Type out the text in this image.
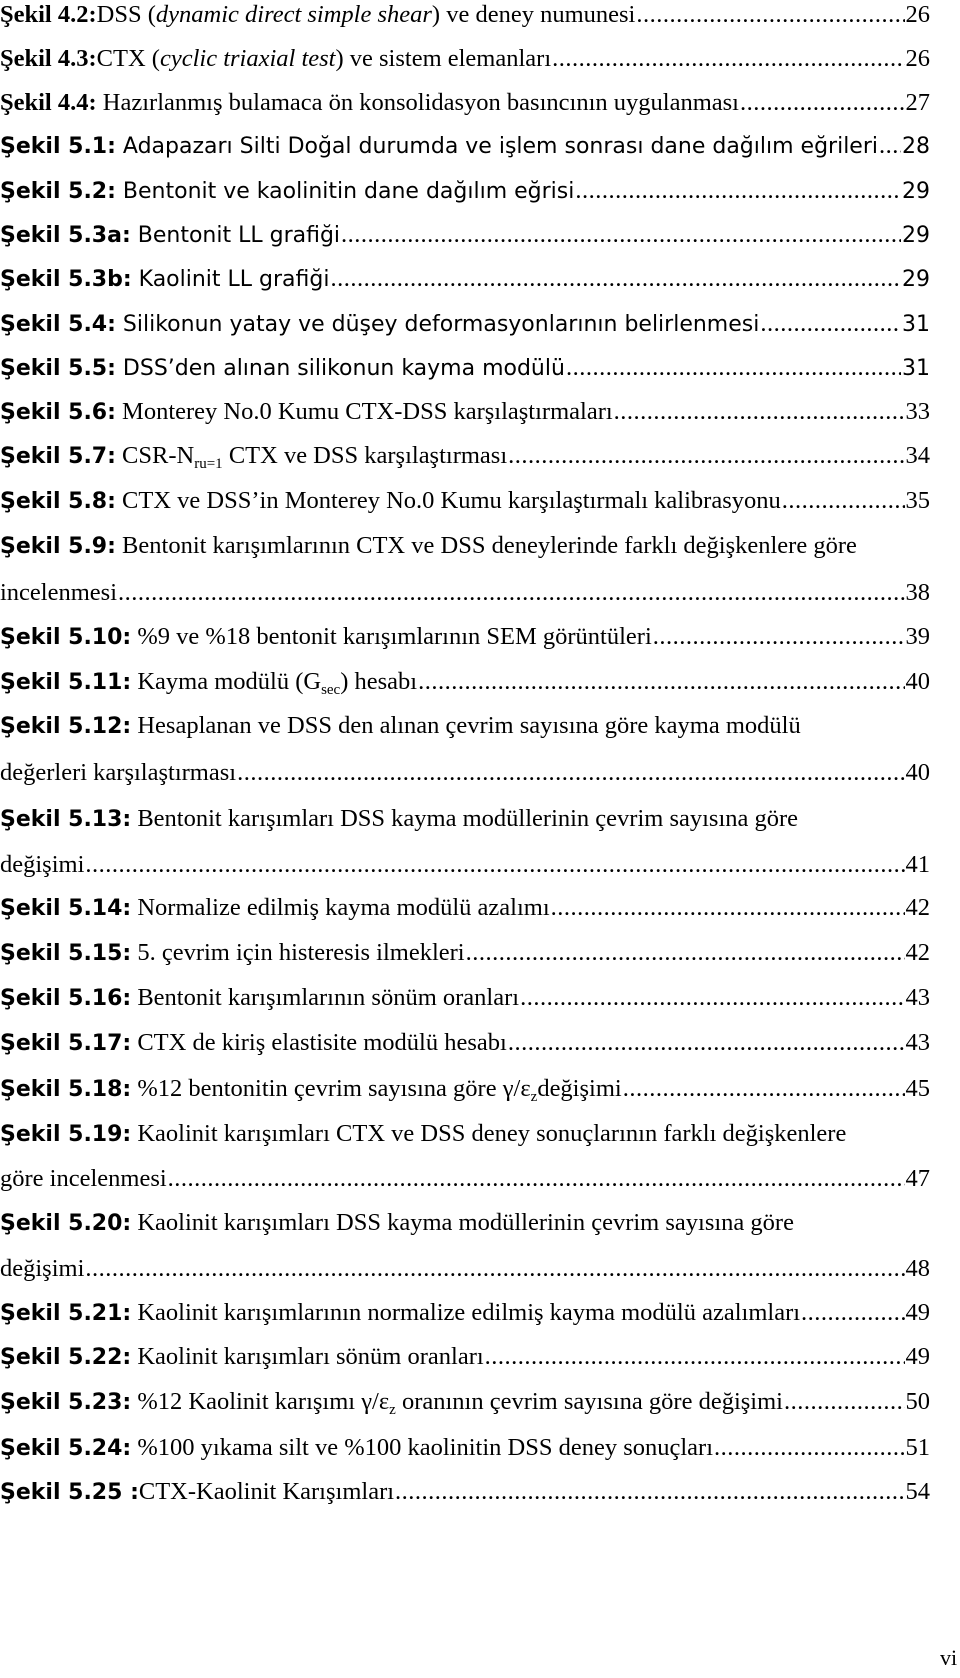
Şekil 4.2: DSS (dynamic direct simple shear) ve deney numunesi .....	26
Şekil 4.3: CTX (cyclic triaxial test) ve sistem elemanları .....	26
Şekil 4.4: Hazırlanmış bulamaca ön konsolidasyon basıncının uygulanması .....	27
Şekil 5.1: Adapazarı Silti Doğal durumda ve işlem sonrası dane dağılım eğrileri ..... 28
Şekil 5.2: Bentonit ve kaolinitin dane dağılım eğrisi .....	29
Şekil 5.3a: Bentonit LL grafiği .....	29
Şekil 5.3b: Kaolinit LL grafiği .....	29
Şekil 5.4: Silikonun yatay ve düşey deformasyonlarının belirlenmesi .....	31
Şekil 5.5: DSS’den alınan silikonun kayma modülü .....	31
Şekil 5.6: Monterey No.0 Kumu CTX-DSS karşılaştırmaları .....	33
Şekil 5.7: CSR-$N_{ru=1}$ CTX ve DSS karşılaştırması .....	34
Şekil 5.8: CTX ve DSS’in Monterey No.0 Kumu karşılaştırmalı kalibrasyonu .....	35
Şekil 5.9: Bentonit karışımlarının CTX ve DSS deneylerinde farklı değişkenlere göre
incelenmesi .....	38
Şekil 5.10: %9 ve %18 bentonit karışımlarının SEM görüntüleri .....	39
Şekil 5.11: Kayma modülü $(G_{sec})$ hesabı .....	40
Şekil 5.12: Hesaplanan ve DSS den alınan çevrim sayısına göre kayma modülü
değerleri karşılaştırması .....	40
Şekil 5.13: Bentonit karışımları DSS kayma modüllerinin çevrim sayısına göre
değişimi .....	41
Şekil 5.14: Normalize edilmiş kayma modülü azalımı .....	42
Şekil 5.15: 5. çevrim için histeresis ilmekleri .....	42
Şekil 5.16: Bentonit karışımlarının sönüm oranları .....	43
Şekil 5.17: CTX de kiriş elastisite modülü hesabı .....	43
Şekil 5.18: %12 bentonitin çevrim sayısına göre $\gamma/\varepsilon_zdeğişimi$ .....	45
Şekil 5.19: Kaolinit karışımları CTX ve DSS deney sonuçlarının farklı değişkenlere
göre incelenmesi .....	47
Şekil 5.20: Kaolinit karışımları DSS kayma modüllerinin çevrim sayısına göre
değişimi .....	48
Şekil 5.21: Kaolinit karışımlarının normalize edilmiş kayma modülü azalımları .....	49
Şekil 5.22: Kaolinit karışımları sönüm oranları .....	49
Şekil 5.23: %12 Kaolinit karışımı $\gamma/\varepsilon_z$ oranının çevrim sayısına göre değişimi .....	50
Şekil 5.24: %100 yıkama silt ve %100 kaolinitin DSS deney sonuçları .....	51
Şekil 5.25 : CTX-Kaolinit Karışımları .....	54
vi
